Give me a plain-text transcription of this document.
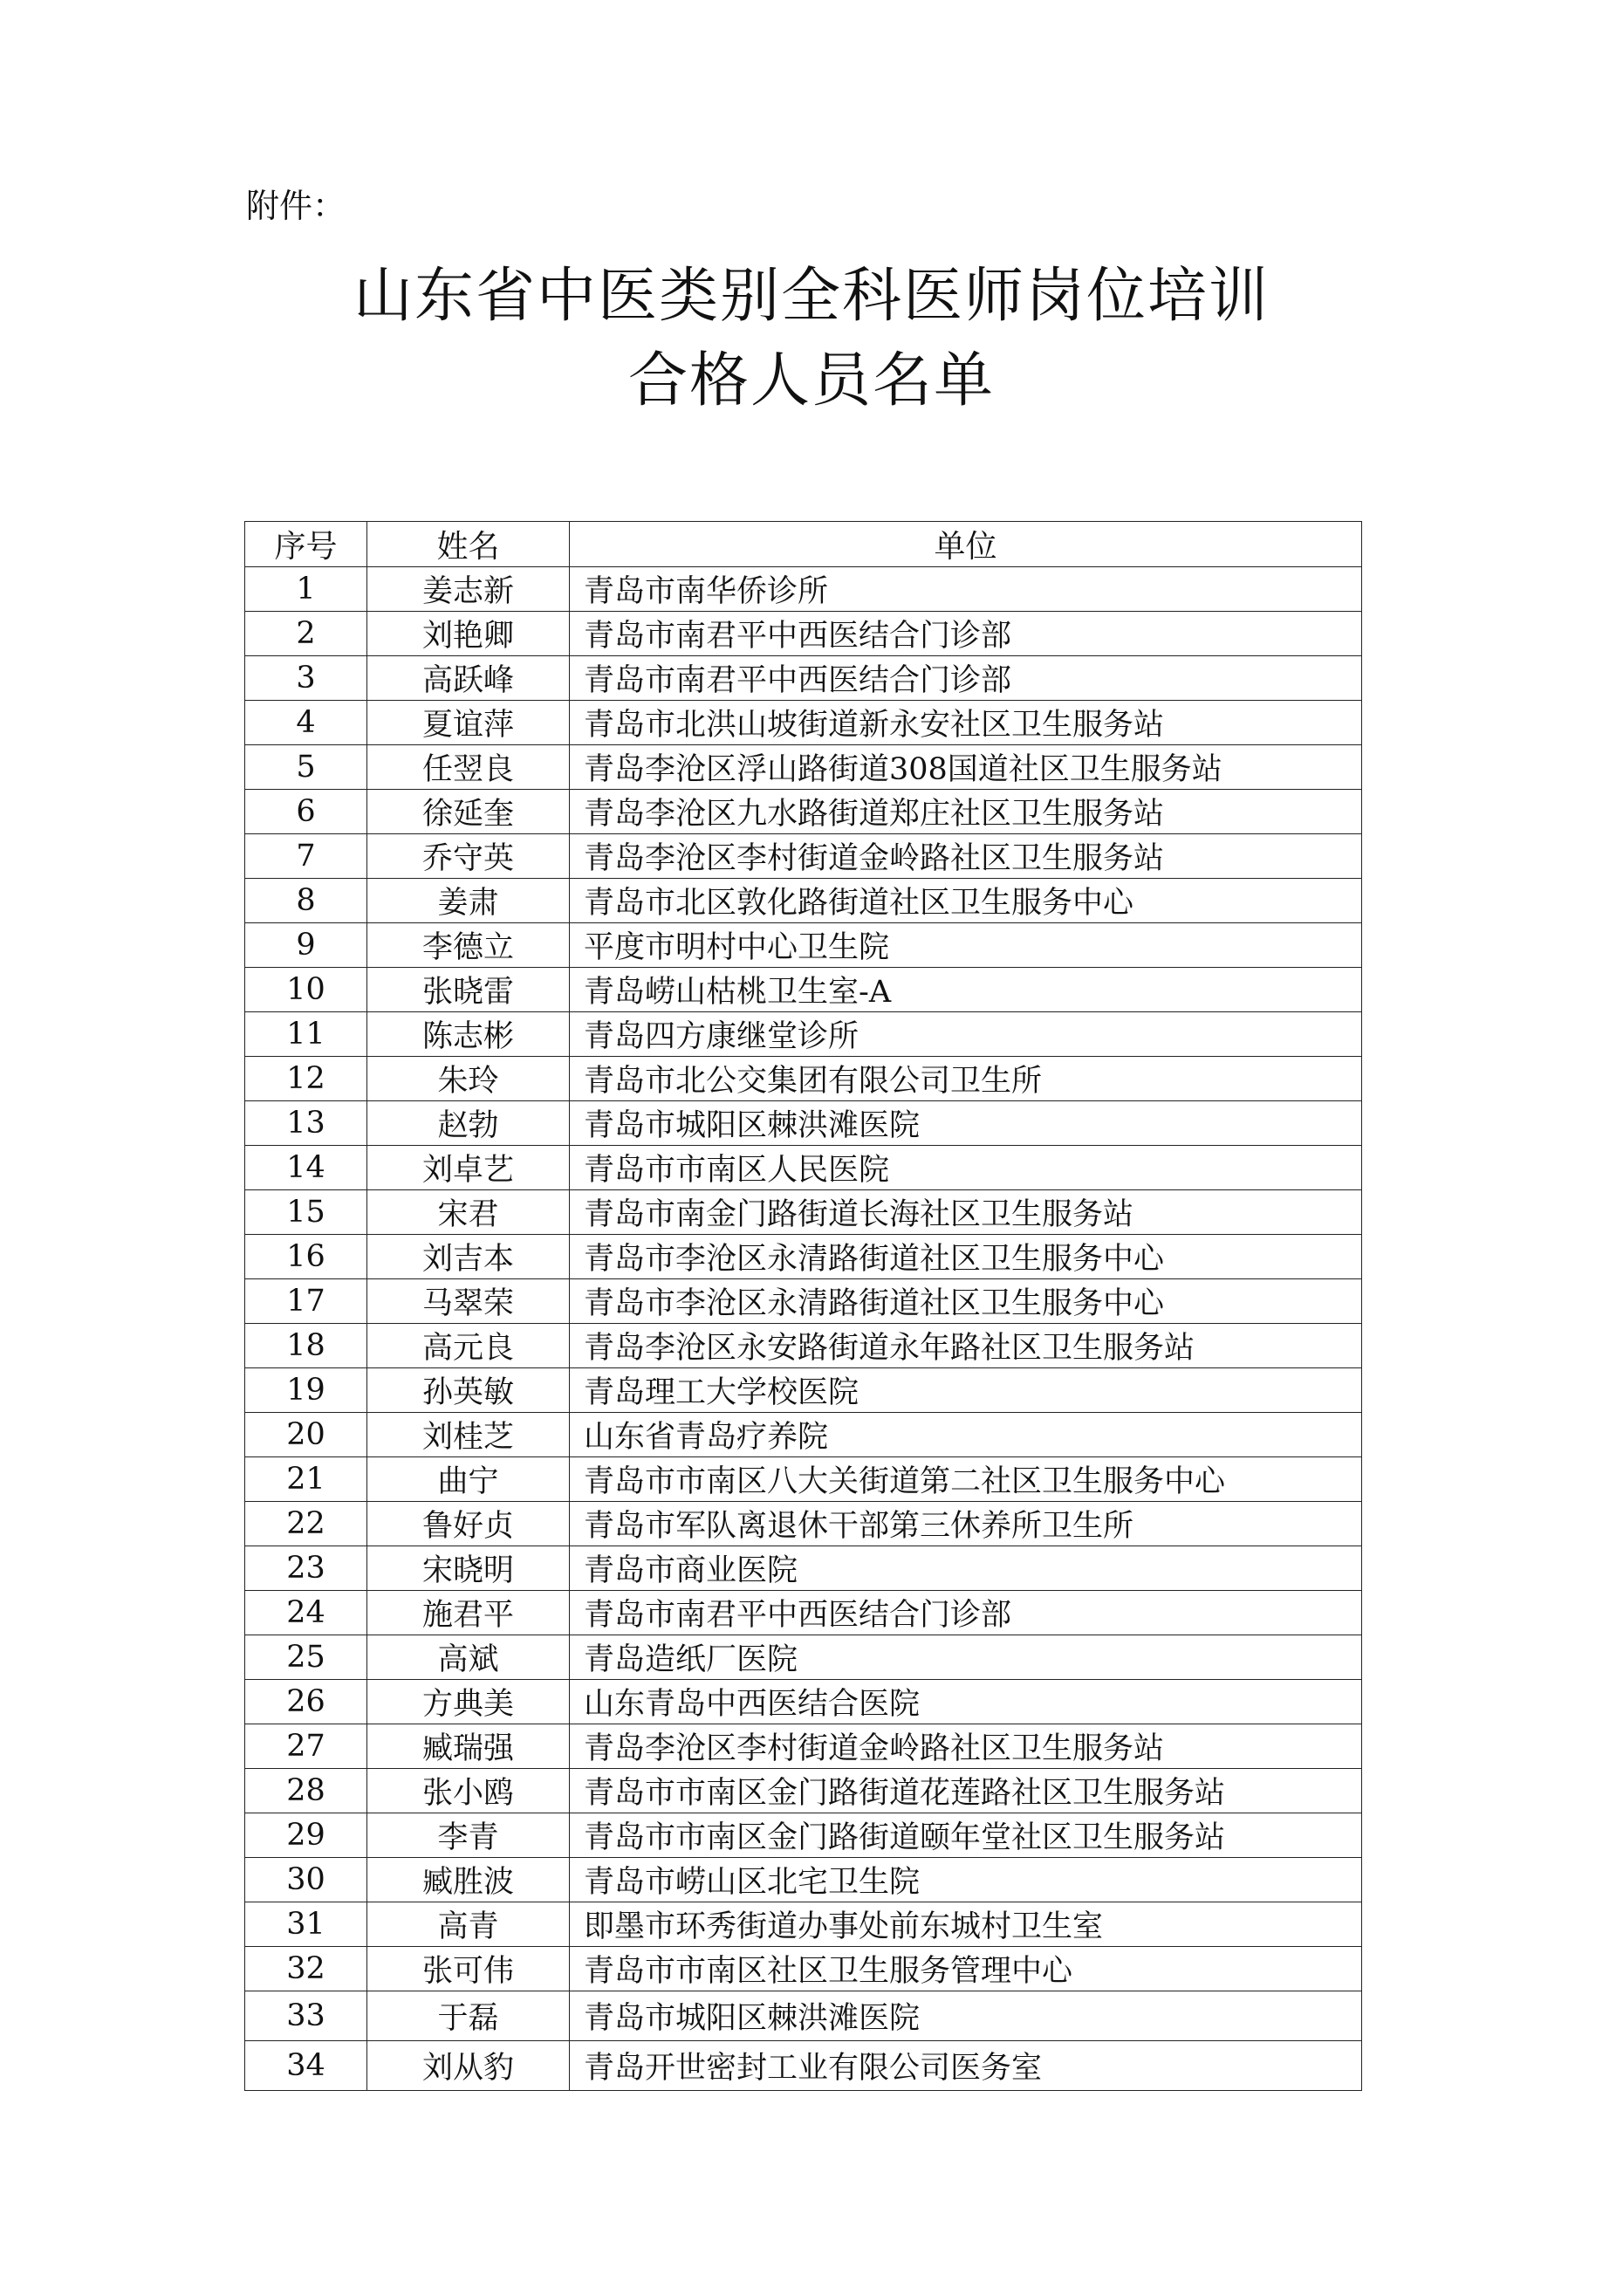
附件：
山东省中医类别全科医师岗位培训
合格人员名单
序号	姓名	单位
1	姜志新	青岛市南华侨诊所
2	刘艳卿	青岛市南君平中西医结合门诊部
3	高跃峰	青岛市南君平中西医结合门诊部
4	夏谊萍	青岛市北洪山坡街道新永安社区卫生服务站
5	任翌良	青岛李沧区浮山路街道308国道社区卫生服务站
6	徐延奎	青岛李沧区九水路街道郑庄社区卫生服务站
7	乔守英	青岛李沧区李村街道金岭路社区卫生服务站
8	姜肃	青岛市北区敦化路街道社区卫生服务中心
9	李德立	平度市明村中心卫生院
10	张晓雷	青岛崂山枯桃卫生室-A
11	陈志彬	青岛四方康继堂诊所
12	朱玲	青岛市北公交集团有限公司卫生所
13	赵勃	青岛市城阳区棘洪滩医院
14	刘卓艺	青岛市市南区人民医院
15	宋君	青岛市南金门路街道长海社区卫生服务站
16	刘吉本	青岛市李沧区永清路街道社区卫生服务中心
17	马翠荣	青岛市李沧区永清路街道社区卫生服务中心
18	高元良	青岛李沧区永安路街道永年路社区卫生服务站
19	孙英敏	青岛理工大学校医院
20	刘桂芝	山东省青岛疗养院
21	曲宁	青岛市市南区八大关街道第二社区卫生服务中心
22	鲁好贞	青岛市军队离退休干部第三休养所卫生所
23	宋晓明	青岛市商业医院
24	施君平	青岛市南君平中西医结合门诊部
25	高斌	青岛造纸厂医院
26	方典美	山东青岛中西医结合医院
27	臧瑞强	青岛李沧区李村街道金岭路社区卫生服务站
28	张小鸥	青岛市市南区金门路街道花莲路社区卫生服务站
29	李青	青岛市市南区金门路街道颐年堂社区卫生服务站
30	臧胜波	青岛市崂山区北宅卫生院
31	高青	即墨市环秀街道办事处前东城村卫生室
32	张可伟	青岛市市南区社区卫生服务管理中心
33	于磊	青岛市城阳区棘洪滩医院
34	刘从豹	青岛开世密封工业有限公司医务室
